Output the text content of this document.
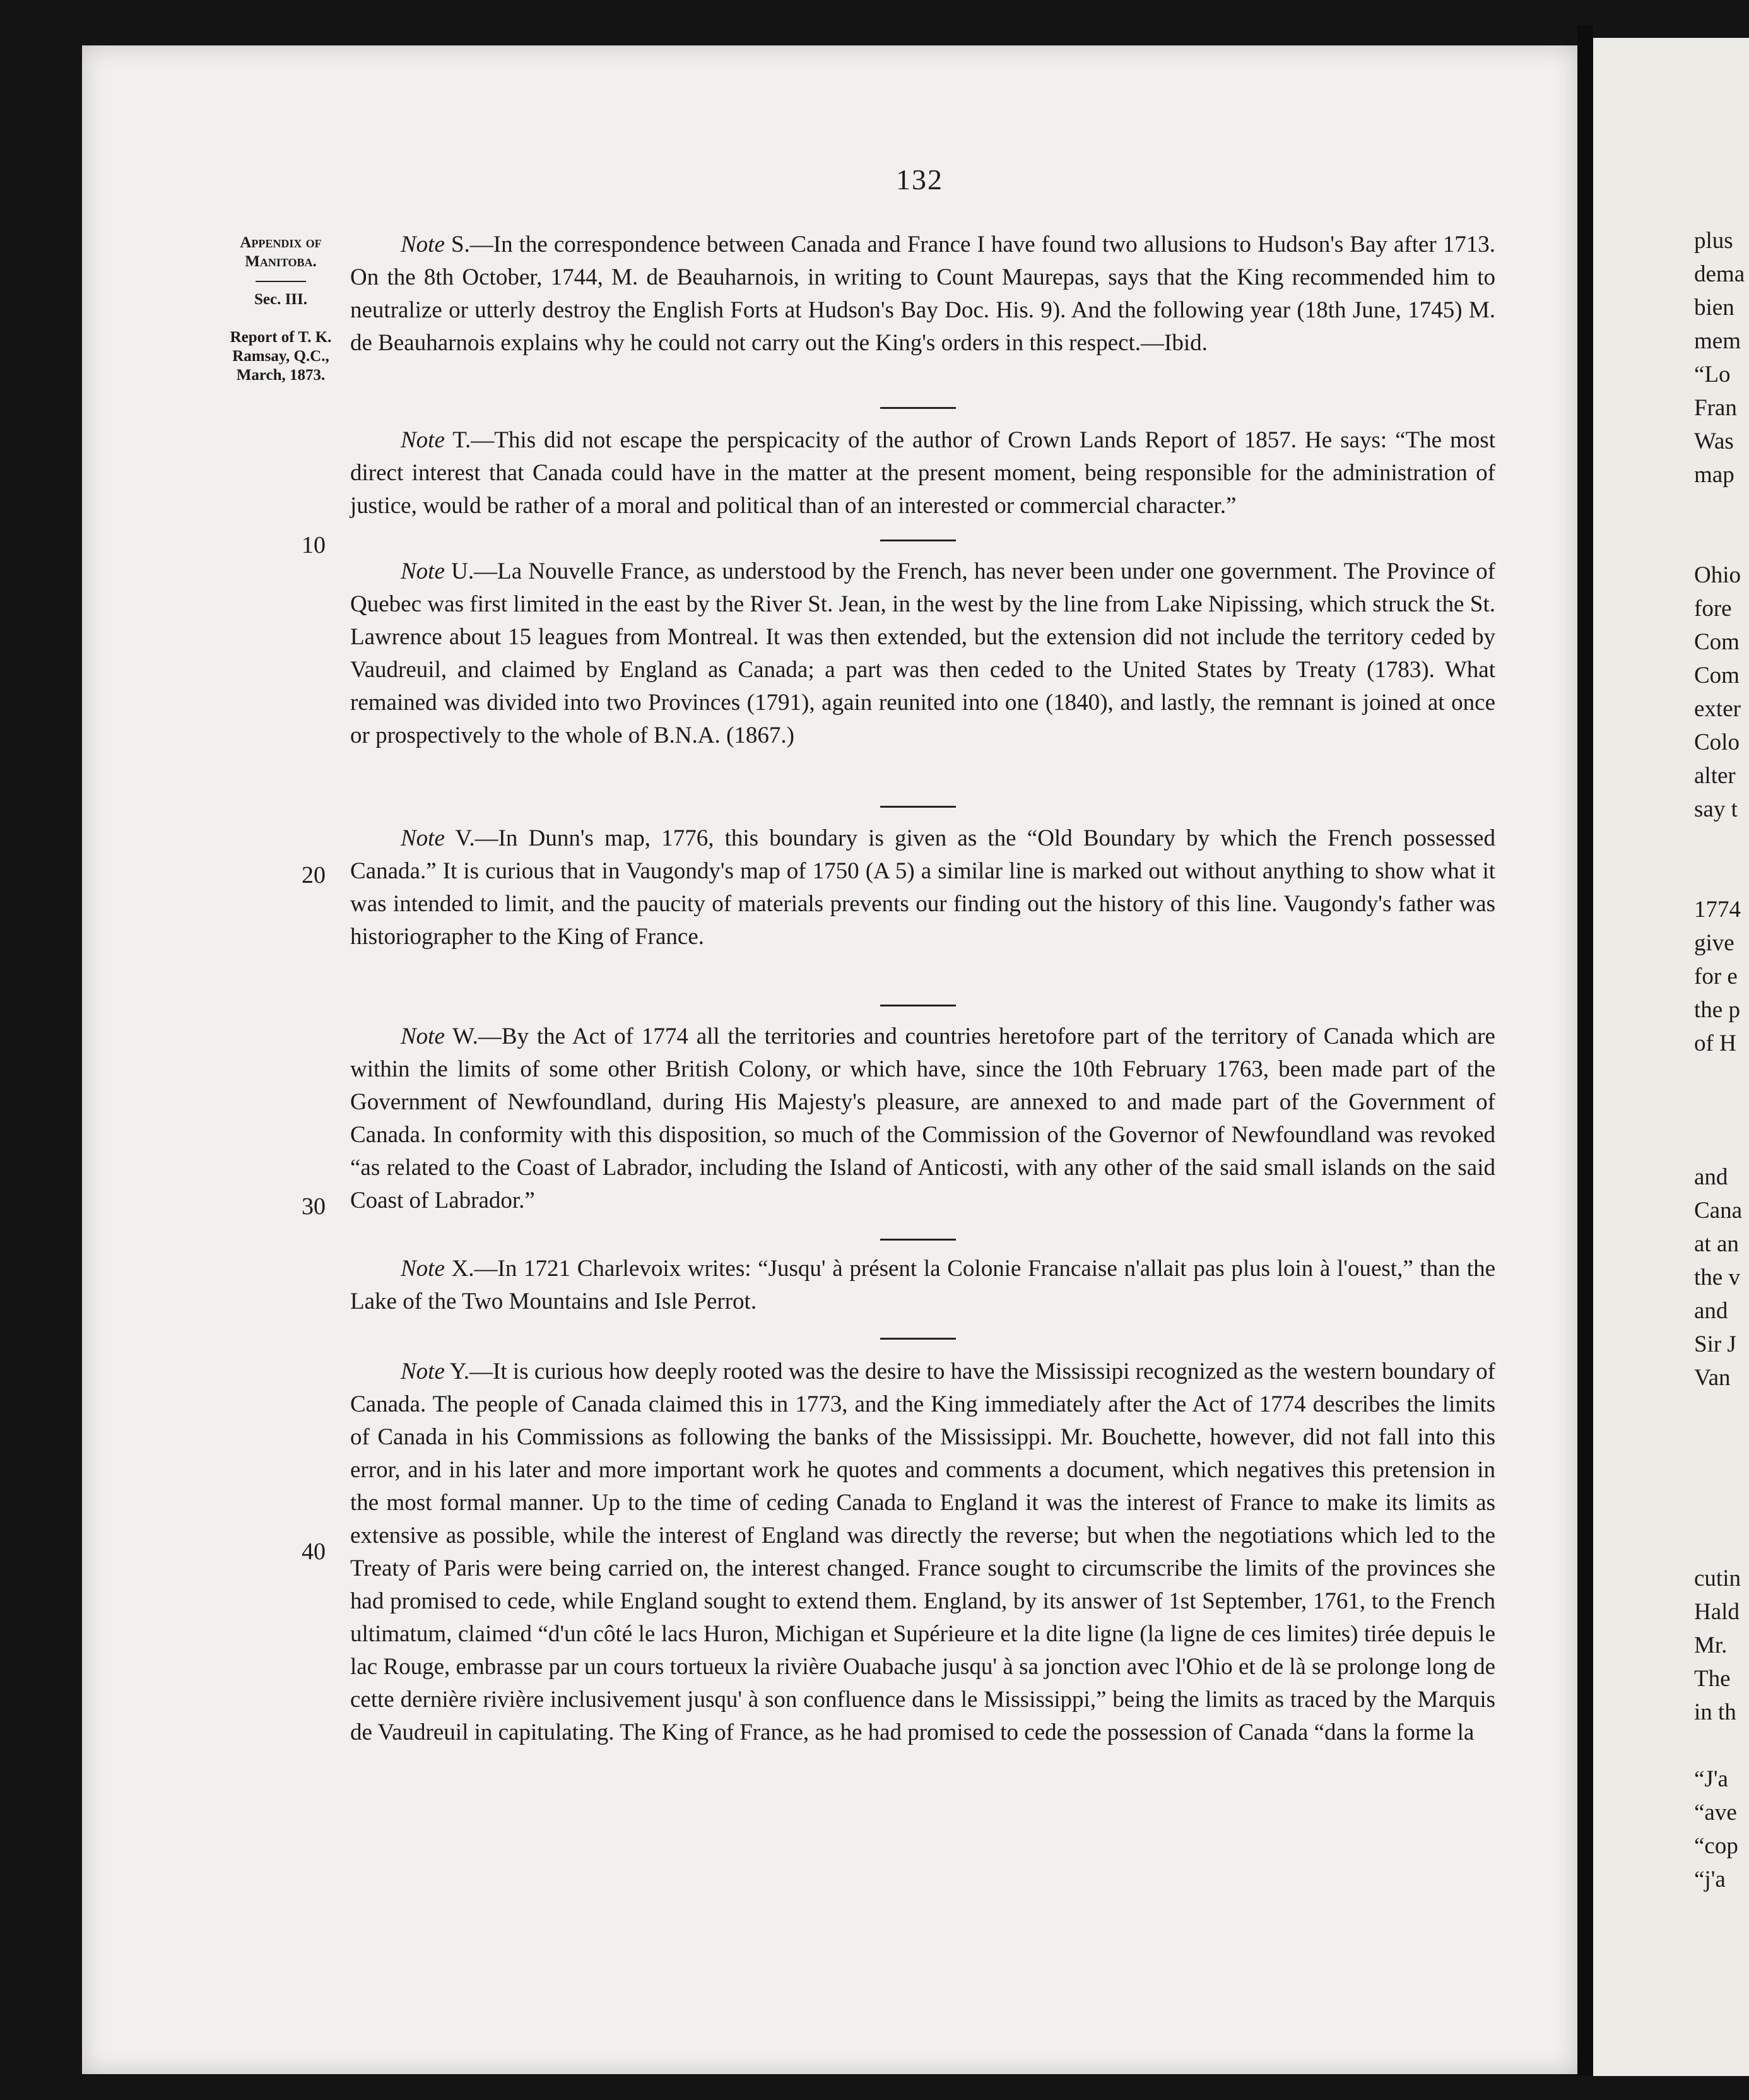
132
Appendix of Manitoba.
Sec. III.
Report of T. K. Ramsay, Q.C., March, 1873.
10
20
30
40

Note S.—In the correspondence between Canada and France I have found two allusions to Hudson's Bay after 1713. On the 8th October, 1744, M. de Beauharnois, in writing to Count Maurepas, says that the King recommended him to neutralize or utterly destroy the English Forts at Hudson's Bay Doc. His. 9). And the following year (18th June, 1745) M. de Beauharnois explains why he could not carry out the King's orders in this respect.—Ibid.

Note T.—This did not escape the perspicacity of the author of Crown Lands Report of 1857. He says: “The most direct interest that Canada could have in the matter at the present moment, being responsible for the administration of justice, would be rather of a moral and political than of an interested or commercial character.”

Note U.—La Nouvelle France, as understood by the French, has never been under one government. The Province of Quebec was first limited in the east by the River St. Jean, in the west by the line from Lake Nipissing, which struck the St. Lawrence about 15 leagues from Montreal. It was then extended, but the extension did not include the territory ceded by Vaudreuil, and claimed by England as Canada; a part was then ceded to the United States by Treaty (1783). What remained was divided into two Provinces (1791), again reunited into one (1840), and lastly, the remnant is joined at once or prospectively to the whole of B.N.A. (1867.)

Note V.—In Dunn's map, 1776, this boundary is given as the “Old Boundary by which the French possessed Canada.” It is curious that in Vaugondy's map of 1750 (A 5) a similar line is marked out without anything to show what it was intended to limit, and the paucity of materials prevents our finding out the history of this line. Vaugondy's father was historiographer to the King of France.

Note W.—By the Act of 1774 all the territories and countries heretofore part of the territory of Canada which are within the limits of some other British Colony, or which have, since the 10th February 1763, been made part of the Government of Newfoundland, during His Majesty's pleasure, are annexed to and made part of the Government of Canada. In conformity with this disposition, so much of the Commission of the Governor of Newfoundland was revoked “as related to the Coast of Labrador, including the Island of Anticosti, with any other of the said small islands on the said Coast of Labrador.”

Note X.—In 1721 Charlevoix writes: “Jusqu' à présent la Colonie Francaise n'allait pas plus loin à l'ouest,” than the Lake of the Two Mountains and Isle Perrot.

Note Y.—It is curious how deeply rooted was the desire to have the Mississipi recognized as the western boundary of Canada. The people of Canada claimed this in 1773, and the King immediately after the Act of 1774 describes the limits of Canada in his Commissions as following the banks of the Mississippi. Mr. Bouchette, however, did not fall into this error, and in his later and more important work he quotes and comments a document, which negatives this pretension in the most formal manner. Up to the time of ceding Canada to England it was the interest of France to make its limits as extensive as possible, while the interest of England was directly the reverse; but when the negotiations which led to the Treaty of Paris were being carried on, the interest changed. France sought to circumscribe the limits of the provinces she had promised to cede, while England sought to extend them. England, by its answer of 1st September, 1761, to the French ultimatum, claimed “d'un côté le lacs Huron, Michigan et Supérieure et la dite ligne (la ligne de ces limites) tirée depuis le lac Rouge, embrasse par un cours tortueux la rivière Ouabache jusqu' à sa jonction avec l'Ohio et de là se prolonge long de cette dernière rivière inclusivement jusqu' à son confluence dans le Mississippi,” being the limits as traced by the Marquis de Vaudreuil in capitulating. The King of France, as he had promised to cede the possession of Canada “dans la forme la

plus
dema
bien
mem
“Lo
Fran
Was
map

Ohio
fore
Com
Com
exter
Colo
alter
say t

1774
give
for e
the p
of H

and
Cana
at an
the v
and
Sir J
Van

cutin
Hald
Mr.
The
in th

“J'a
“ave
“cop
“j'a
